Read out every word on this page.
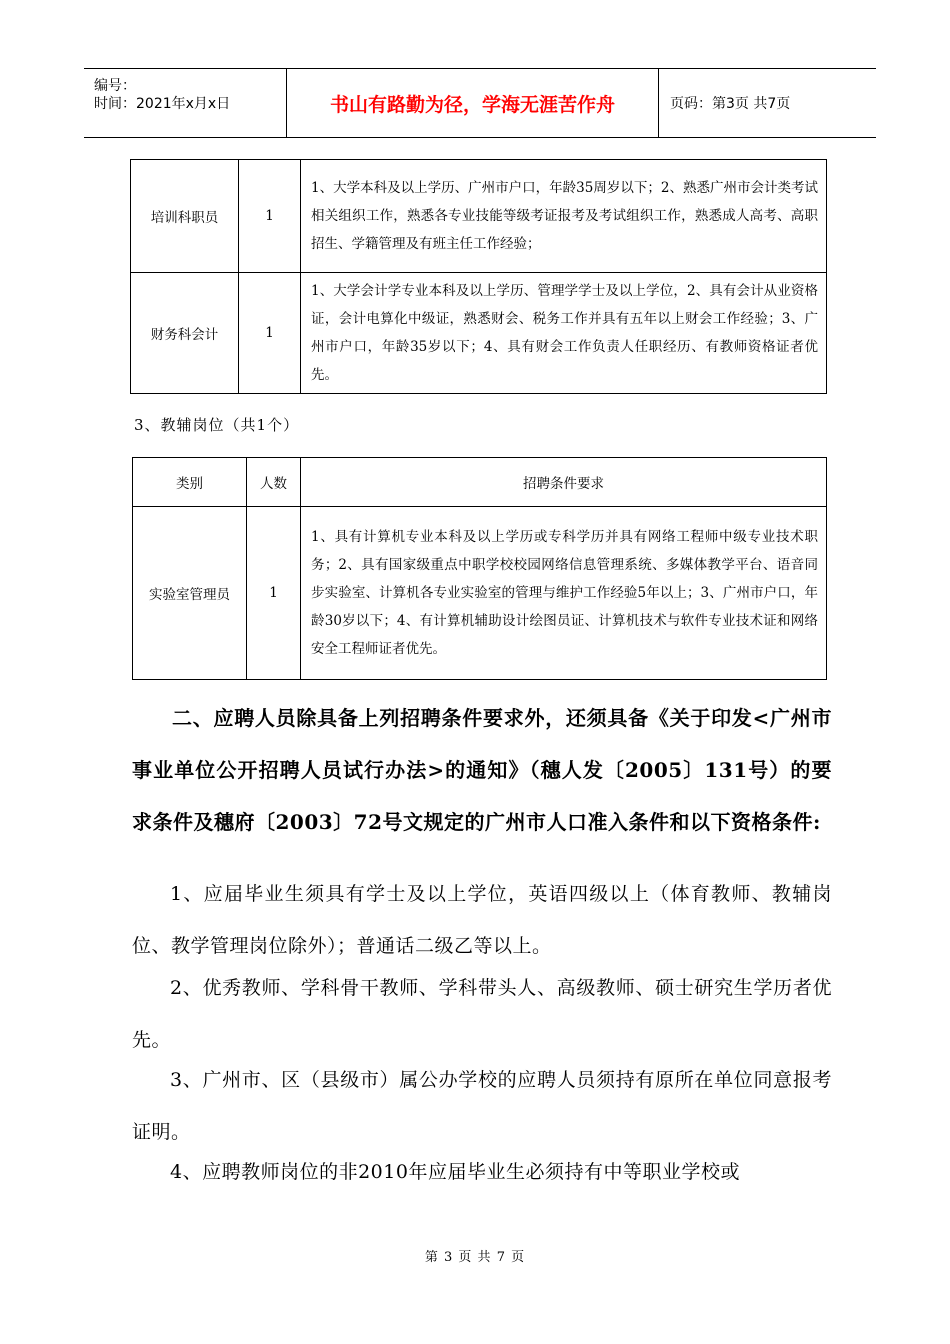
编号：
时间：2021年x月x日	书山有路勤为径，学海无涯苦作舟	页码：第3页 共7页
培训科职员	1	1、大学本科及以上学历、广州市户口，年龄35周岁以下；2、熟悉广州市会计类考试相关组织工作，熟悉各专业技能等级考证报考及考试组织工作，熟悉成人高考、高职招生、学籍管理及有班主任工作经验；
财务科会计	1	1、大学会计学专业本科及以上学历、管理学学士及以上学位，2、具有会计从业资格证，会计电算化中级证，熟悉财会、税务工作并具有五年以上财会工作经验；3、广州市户口，年龄35岁以下；4、具有财会工作负责人任职经历、有教师资格证者优先。
3、教辅岗位（共1个）
类别	人数	招聘条件要求
实验室管理员	1	1、具有计算机专业本科及以上学历或专科学历并具有网络工程师中级专业技术职务；2、具有国家级重点中职学校校园网络信息管理系统、多媒体教学平台、语音同步实验室、计算机各专业实验室的管理与维护工作经验5年以上；3、广州市户口，年龄30岁以下；4、有计算机辅助设计绘图员证、计算机技术与软件专业技术证和网络安全工程师证者优先。
二、应聘人员除具备上列招聘条件要求外，还须具备《关于印发<广州市事业单位公开招聘人员试行办法>的通知》（穗人发〔2005〕131号）的要求条件及穗府〔2003〕72号文规定的广州市人口准入条件和以下资格条件:
1、应届毕业生须具有学士及以上学位，英语四级以上（体育教师、教辅岗位、教学管理岗位除外）；普通话二级乙等以上。
2、优秀教师、学科骨干教师、学科带头人、高级教师、硕士研究生学历者优先。
3、广州市、区（县级市）属公办学校的应聘人员须持有原所在单位同意报考证明。
4、应聘教师岗位的非2010年应届毕业生必须持有中等职业学校或
第 3 页 共 7 页
